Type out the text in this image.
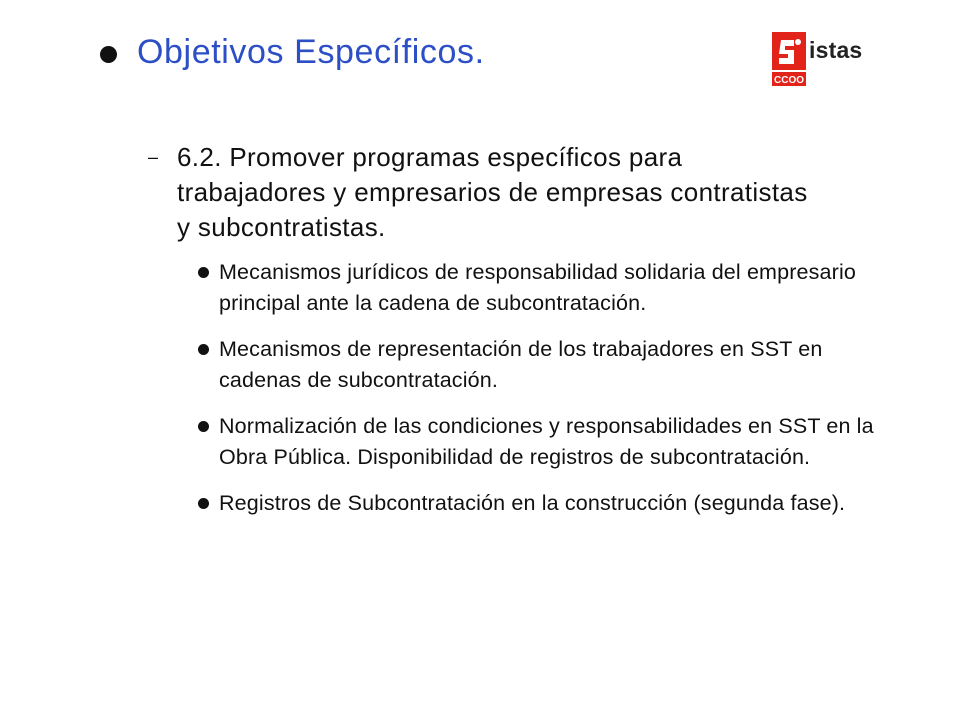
Objetivos Específicos.
CCOO
istas
– 6.2. Promover programas específicos para trabajadores y empresarios de empresas contratistas y subcontratistas.
Mecanismos jurídicos de responsabilidad solidaria del empresario principal ante la cadena de subcontratación.
Mecanismos de representación de los trabajadores en SST en cadenas de subcontratación.
Normalización de las condiciones y responsabilidades en SST en la Obra Pública. Disponibilidad de registros de subcontratación.
Registros de Subcontratación en la construcción (segunda fase).
